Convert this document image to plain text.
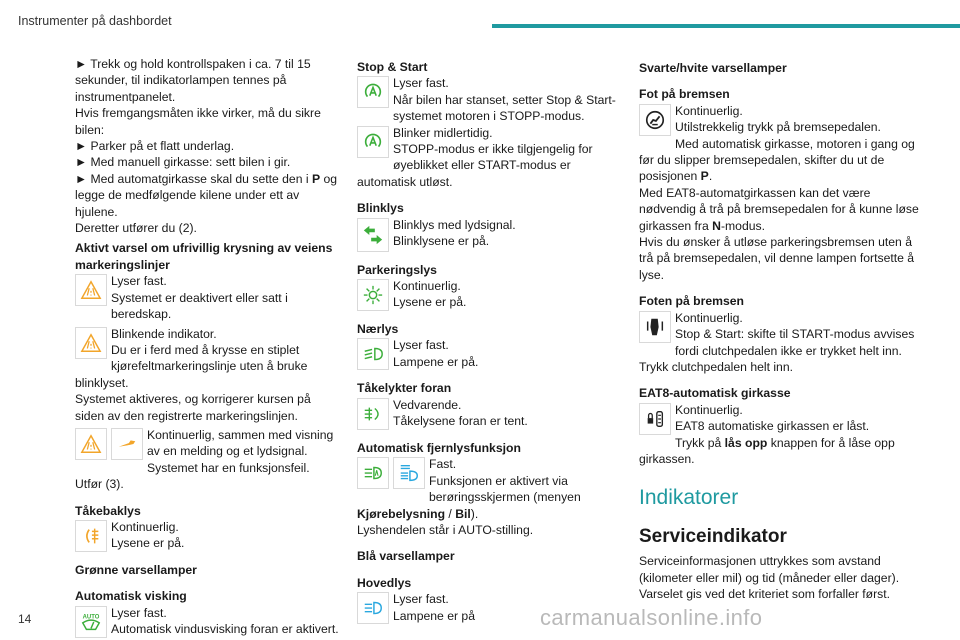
Instrumenter på dashbordet
14	carmanualsonline.info

► Trekk og hold kontrollspaken i ca. 7 til 15 sekunder, til indikatorlampen tennes på instrumentpanelet.

Hvis fremgangsmåten ikke virker, må du sikre bilen:

► Parker på et flatt underlag.

► Med manuell girkasse: sett bilen i gir.

► Med automatgirkasse skal du sette den i P og legge de medfølgende kilene under ett av hjulene.

Deretter utfører du (2).

Aktivt varsel om ufrivillig krysning av veiens markeringslinjer

Lyser fast.

Systemet er deaktivert eller satt i beredskap.

Blinkende indikator.

Du er i ferd med å krysse en stiplet kjørefeltmarkeringslinje uten å bruke blinklyset.

Systemet aktiveres, og korrigerer kursen på siden av den registrerte markeringslinjen.

Kontinuerlig, sammen med visning av en melding og et lydsignal.

Systemet har en funksjonsfeil.

Utfør (3).

Tåkebaklys

Kontinuerlig.

Lysene er på.

Grønne varsellamper

Automatisk visking

AUTO Lyser fast.

Automatisk vindusvisking foran er aktivert.

Stop & Start

Lyser fast.

Når bilen har stanset, setter Stop & Start-systemet motoren i STOPP-modus.

Blinker midlertidig.

STOPP-modus er ikke tilgjengelig for øyeblikket eller START-modus er automatisk utløst.

Blinklys

Blinklys med lydsignal.

Blinklysene er på.

Parkeringslys

Kontinuerlig.

Lysene er på.

Nærlys

Lyser fast.

Lampene er på.

Tåkelykter foran

Vedvarende.

Tåkelysene foran er tent.

Automatisk fjernlysfunksjon

Fast.

Funksjonen er aktivert via berøringsskjermen (menyen Kjørebelysning / Bil).

Lyshendelen står i AUTO-stilling.

Blå varsellamper

Hovedlys

Lyser fast.

Lampene er på

Svarte/hvite varsellamper

Fot på bremsen

Kontinuerlig.

Utilstrekkelig trykk på bremsepedalen.

Med automatisk girkasse, motoren i gang og før du slipper bremsepedalen, skifter du ut de posisjonen P.

Med EAT8-automatgirkassen kan det være nødvendig å trå på bremsepedalen for å kunne løse girkassen fra N-modus.

Hvis du ønsker å utløse parkeringsbremsen uten å trå på bremsepedalen, vil denne lampen fortsette å lyse.

Foten på bremsen

Kontinuerlig.

Stop & Start: skifte til START-modus avvises fordi clutchpedalen ikke er trykket helt inn.

Trykk clutchpedalen helt inn.

EAT8-automatisk girkasse

Kontinuerlig.

EAT8 automatiske girkassen er låst.

Trykk på lås opp knappen for å låse opp girkassen.

Indikatorer

Serviceindikator

Serviceinformasjonen uttrykkes som avstand (kilometer eller mil) og tid (måneder eller dager). Varselet gis ved det kriteriet som forfaller først.
